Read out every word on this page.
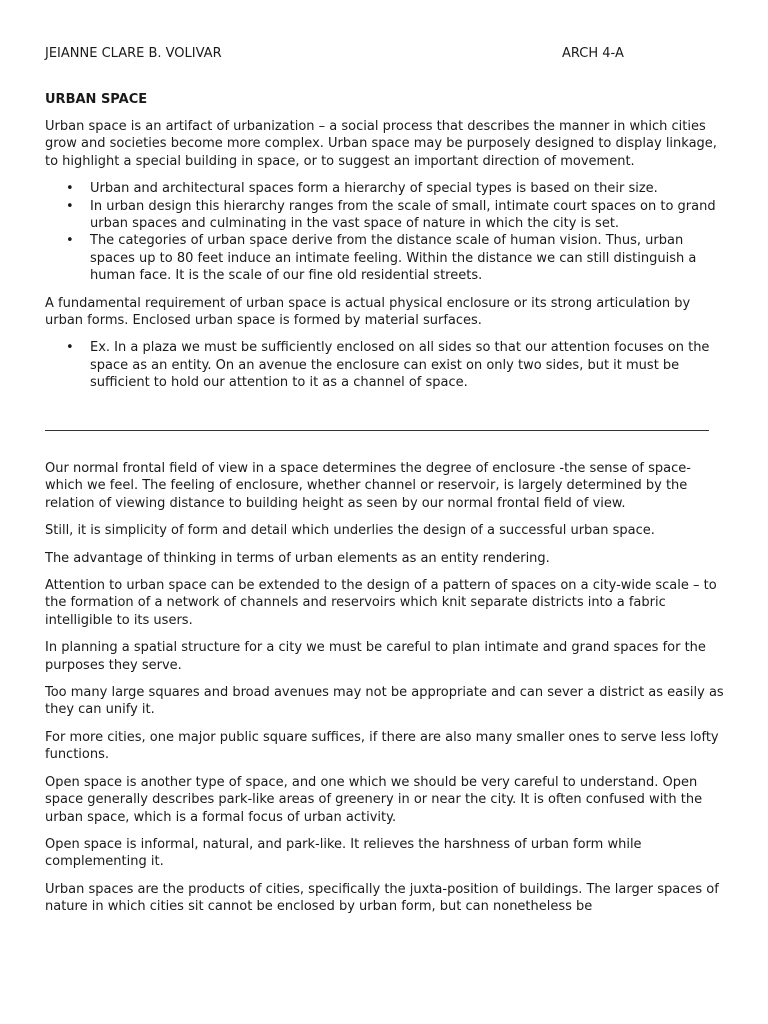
JEIANNE CLARE B. VOLIVAR	ARCH 4-A
URBAN SPACE

Urban space is an artifact of urbanization – a social process that describes the manner in which cities grow and societies become more complex. Urban space may be purposely designed to display linkage, to highlight a special building in space, or to suggest an important direction of movement.

• Urban and architectural spaces form a hierarchy of special types is based on their size.
• In urban design this hierarchy ranges from the scale of small, intimate court spaces on to grand urban spaces and culminating in the vast space of nature in which the city is set.
• The categories of urban space derive from the distance scale of human vision. Thus, urban spaces up to 80 feet induce an intimate feeling. Within the distance we can still distinguish a human face. It is the scale of our fine old residential streets.

A fundamental requirement of urban space is actual physical enclosure or its strong articulation by urban forms. Enclosed urban space is formed by material surfaces.

• Ex. In a plaza we must be sufficiently enclosed on all sides so that our attention focuses on the space as an entity. On an avenue the enclosure can exist on only two sides, but it must be sufficient to hold our attention to it as a channel of space.

Our normal frontal field of view in a space determines the degree of enclosure -the sense of space- which we feel. The feeling of enclosure, whether channel or reservoir, is largely determined by the relation of viewing distance to building height as seen by our normal frontal field of view.

Still, it is simplicity of form and detail which underlies the design of a successful urban space.

The advantage of thinking in terms of urban elements as an entity rendering.

Attention to urban space can be extended to the design of a pattern of spaces on a city-wide scale – to the formation of a network of channels and reservoirs which knit separate districts into a fabric intelligible to its users.

In planning a spatial structure for a city we must be careful to plan intimate and grand spaces for the purposes they serve.

Too many large squares and broad avenues may not be appropriate and can sever a district as easily as they can unify it.

For more cities, one major public square suffices, if there are also many smaller ones to serve less lofty functions.

Open space is another type of space, and one which we should be very careful to understand. Open space generally describes park-like areas of greenery in or near the city. It is often confused with the urban space, which is a formal focus of urban activity.

Open space is informal, natural, and park-like. It relieves the harshness of urban form while complementing it.

Urban spaces are the products of cities, specifically the juxta-position of buildings. The larger spaces of nature in which cities sit cannot be enclosed by urban form, but can nonetheless be
